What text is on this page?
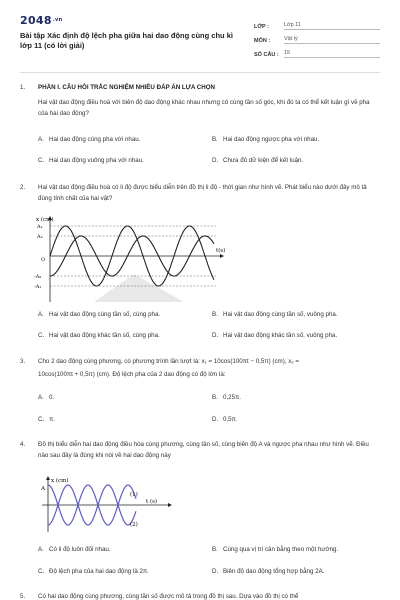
$2048^{.vn}$
Bài tập Xác định độ lệch pha giữa hai dao động cùng chu kì lớp 11 (có lời giải)
LỚP :	Lớp 11
MÔN :	Vật lý
SỐ CÂU : 15
1. PHẦN I. CÂU HỎI TRẮC NGHIỆM NHIỀU ĐÁP ÁN LỰA CHỌN
Hai vật dao động điều hoà với biên độ dao động khác nhau nhưng có cùng tần số góc, khi đó ta có thể kết luận gì về pha của hai dao động?
A. Hai dao động cùng pha với nhau.	B. Hai dao động ngược pha với nhau.
C. Hai dao động vuông pha với nhau.	D. Chưa đủ dữ kiện để kết luận.
2. Hai vật dao động điều hoà có li độ được biểu diễn trên đồ thị li độ - thời gian như hình vẽ. Phát biểu nào dưới đây mô tả đúng tính chất của hai vật?
x (cm)
t(s)
A₁
A₂
O
-A₂
-A₁
A. Hai vật dao động cùng tần số, cùng pha.	B. Hai vật dao động cùng tần số, vuông pha.
C. Hai vật dao động khác tần số, cùng pha.	D. Hai vật dao động khác tần số, vuông pha.
3. Cho 2 dao động cùng phương, có phương trình lần lượt là: x₁ = 10cos(100πt − 0,5π) (cm), x₂ =
10cos(100πt + 0,5π) (cm). Độ lệch pha của 2 dao động có độ lớn là:
A. 0.	B. 0,25π.
C. π.	D. 0,5π.
4. Đồ thị biểu diễn hai dao động điều hòa cùng phương, cùng tần số, cùng biên độ A và ngược pha nhau như hình vẽ. Điều nào sau đây là đúng khi nói về hai dao động này
x (cm)
A
t (s)
(1)
(2)
A. Có li độ luôn đối nhau.	B. Cùng qua vị trí cân bằng theo một hướng.
C. Độ lệch pha của hai dao động là 2π.	D. Biên độ dao động tổng hợp bằng 2A.
5. Có hai dao động cùng phương, cùng tần số được mô tả trong đồ thị sau. Dựa vào đồ thị có thể
